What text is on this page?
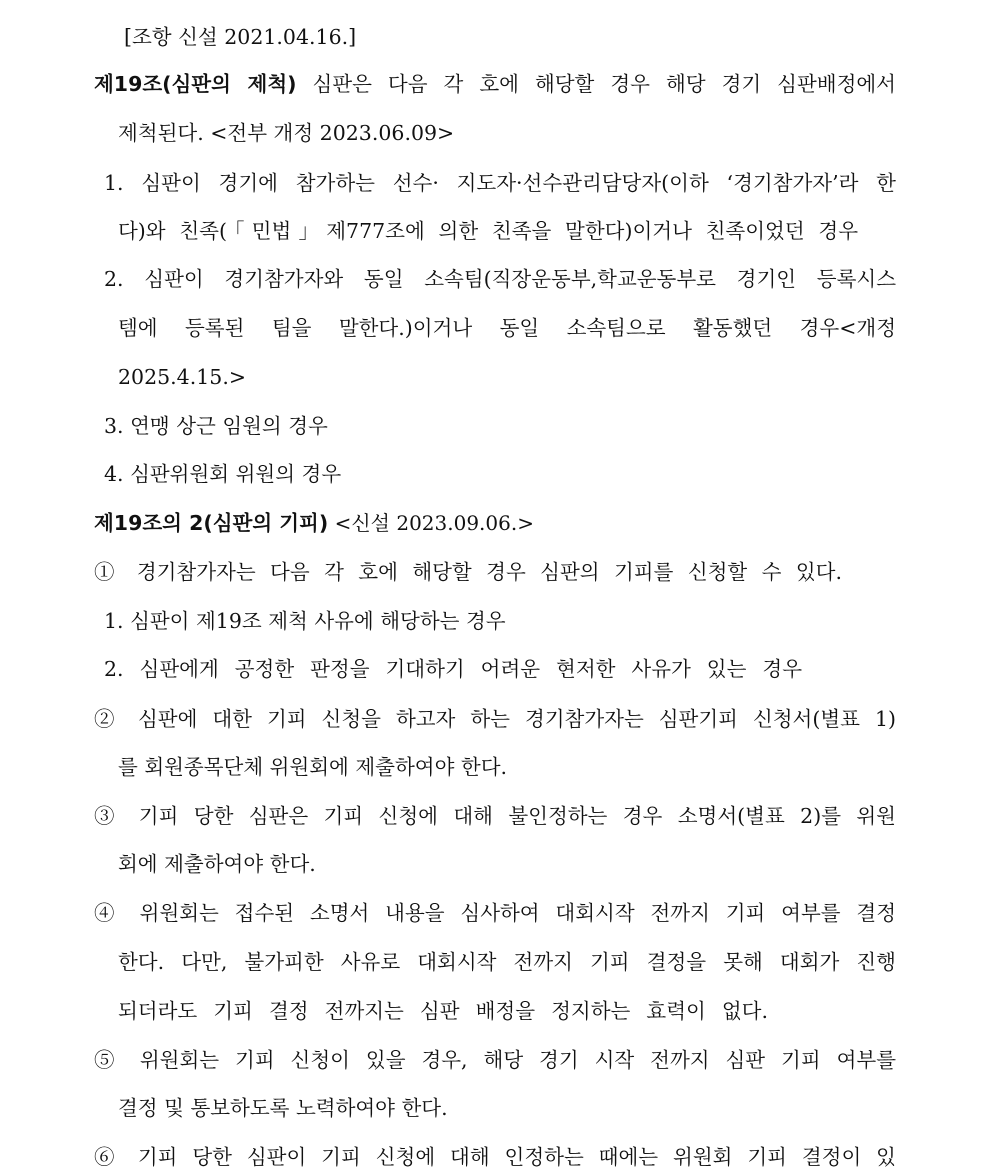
[조항 신설 2021.04.16.]
제19조(심판의 제척) 심판은 다음 각 호에 해당할 경우 해당 경기 심판배정에서
제척된다. <전부 개정 2023.06.09>
1. 심판이 경기에 참가하는 선수· 지도자·선수관리담당자(이하 ‘경기참가자’라 한
다)와 친족(「민법」제777조에 의한 친족을 말한다)이거나 친족이었던 경우
2. 심판이 경기참가자와 동일 소속팀(직장운동부,학교운동부로 경기인 등록시스
템에 등록된 팀을 말한다.)이거나 동일 소속팀으로 활동했던 경우<개정
2025.4.15.>
3. 연맹 상근 임원의 경우
4. 심판위원회 위원의 경우
제19조의 2(심판의 기피) <신설 2023.09.06.>
① 경기참가자는 다음 각 호에 해당할 경우 심판의 기피를 신청할 수 있다.
1. 심판이 제19조 제척 사유에 해당하는 경우
2. 심판에게 공정한 판정을 기대하기 어려운 현저한 사유가 있는 경우
② 심판에 대한 기피 신청을 하고자 하는 경기참가자는 심판기피 신청서(별표 1)
를 회원종목단체 위원회에 제출하여야 한다.
③ 기피 당한 심판은 기피 신청에 대해 불인정하는 경우 소명서(별표 2)를 위원
회에 제출하여야 한다.
④ 위원회는 접수된 소명서 내용을 심사하여 대회시작 전까지 기피 여부를 결정
한다. 다만, 불가피한 사유로 대회시작 전까지 기피 결정을 못해 대회가 진행
되더라도 기피 결정 전까지는 심판 배정을 정지하는 효력이 없다.
⑤ 위원회는 기피 신청이 있을 경우, 해당 경기 시작 전까지 심판 기피 여부를
결정 및 통보하도록 노력하여야 한다.
⑥ 기피 당한 심판이 기피 신청에 대해 인정하는 때에는 위원회 기피 결정이 있
